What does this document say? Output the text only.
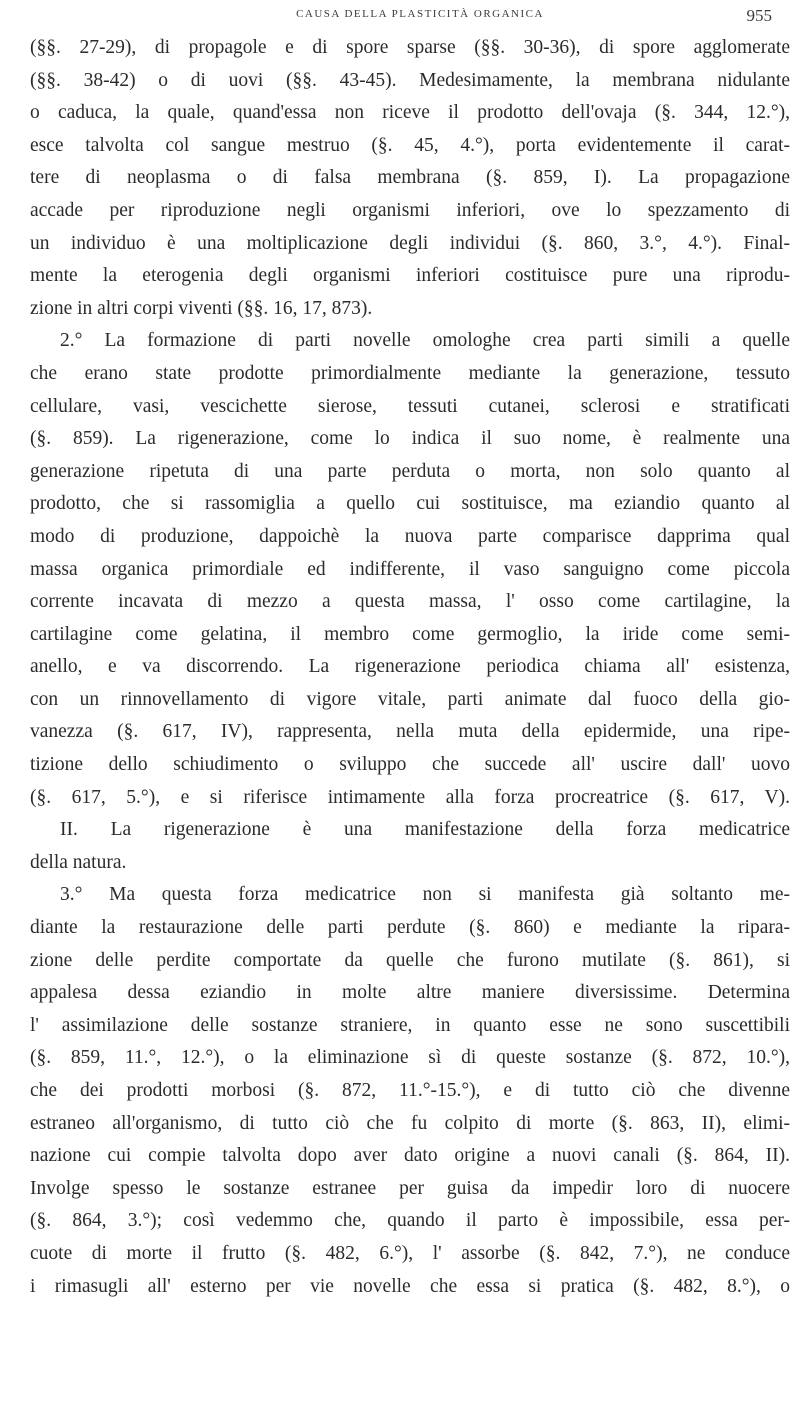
CAUSA DELLA PLASTICITÀ ORGANICA	955
(§§. 27-29), di propagole e di spore sparse (§§. 30-36), di spore agglomerate
(§§. 38-42) o di uovi (§§. 43-45). Medesimamente, la membrana nidulante
o caduca, la quale, quand'essa non riceve il prodotto dell'ovaja (§. 344, 12.°),
esce talvolta col sangue mestruo (§. 45, 4.°), porta evidentemente il carat-
tere di neoplasma o di falsa membrana (§. 859, I). La propagazione
accade per riproduzione negli organismi inferiori, ove lo spezzamento di
un individuo è una moltiplicazione degli individui (§. 860, 3.°, 4.°). Final-
mente la eterogenia degli organismi inferiori costituisce pure una riprodu-
zione in altri corpi viventi (§§. 16, 17, 873).
2.° La formazione di parti novelle omologhe crea parti simili a quelle
che erano state prodotte primordialmente mediante la generazione, tessuto
cellulare, vasi, vescichette sierose, tessuti cutanei, sclerosi e stratificati
(§. 859). La rigenerazione, come lo indica il suo nome, è realmente una
generazione ripetuta di una parte perduta o morta, non solo quanto al
prodotto, che si rassomiglia a quello cui sostituisce, ma eziandio quanto al
modo di produzione, dappoichè la nuova parte comparisce dapprima qual
massa organica primordiale ed indifferente, il vaso sanguigno come piccola
corrente incavata di mezzo a questa massa, l' osso come cartilagine, la
cartilagine come gelatina, il membro come germoglio, la iride come semi-
anello, e va discorrendo. La rigenerazione periodica chiama all' esistenza,
con un rinnovellamento di vigore vitale, parti animate dal fuoco della gio-
vanezza (§. 617, IV), rappresenta, nella muta della epidermide, una ripe-
tizione dello schiudimento o sviluppo che succede all' uscire dall' uovo
(§. 617, 5.°), e si riferisce intimamente alla forza procreatrice (§. 617, V).
II. La rigenerazione è una manifestazione della forza medicatrice
della natura.
3.° Ma questa forza medicatrice non si manifesta già soltanto me-
diante la restaurazione delle parti perdute (§. 860) e mediante la ripara-
zione delle perdite comportate da quelle che furono mutilate (§. 861), si
appalesa dessa eziandio in molte altre maniere diversissime. Determina
l' assimilazione delle sostanze straniere, in quanto esse ne sono suscettibili
(§. 859, 11.°, 12.°), o la eliminazione sì di queste sostanze (§. 872, 10.°),
che dei prodotti morbosi (§. 872, 11.°-15.°), e di tutto ciò che divenne
estraneo all'organismo, di tutto ciò che fu colpito di morte (§. 863, II), elimi-
nazione cui compie talvolta dopo aver dato origine a nuovi canali (§. 864, II).
Involge spesso le sostanze estranee per guisa da impedir loro di nuocere
(§. 864, 3.°); così vedemmo che, quando il parto è impossibile, essa per-
cuote di morte il frutto (§. 482, 6.°), l' assorbe (§. 842, 7.°), ne conduce
i rimasugli all' esterno per vie novelle che essa si pratica (§. 482, 8.°), o
